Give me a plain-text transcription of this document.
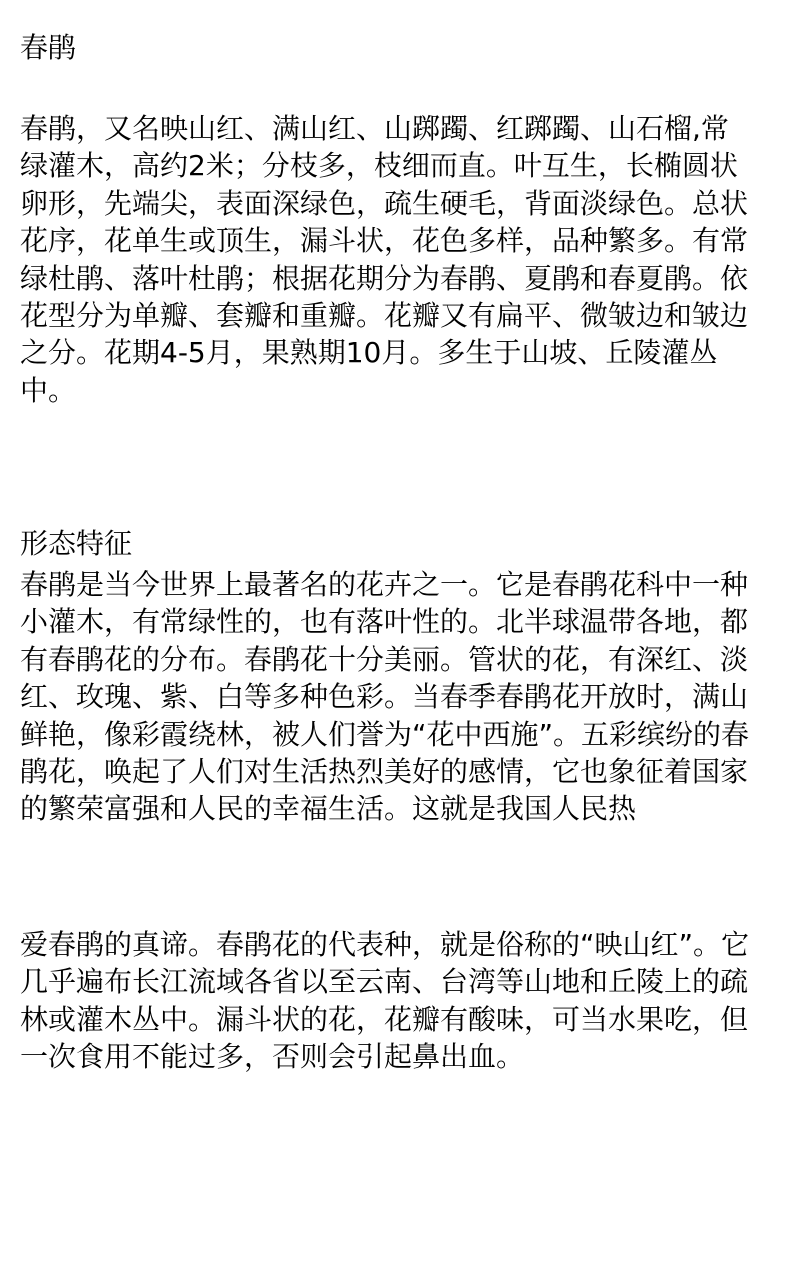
春鹃

春鹃，又名映山红、满山红、山踯躅、红踯躅、山石榴,常绿灌木，高约2米；分枝多，枝细而直。叶互生，长椭圆状卵形，先端尖，表面深绿色，疏生硬毛，背面淡绿色。总状花序，花单生或顶生，漏斗状，花色多样，品种繁多。有常绿杜鹃、落叶杜鹃；根据花期分为春鹃、夏鹃和春夏鹃。依花型分为单瓣、套瓣和重瓣。花瓣又有扁平、微皱边和皱边之分。花期4-5月，果熟期10月。多生于山坡、丘陵灌丛中。

形态特征

春鹃是当今世界上最著名的花卉之一。它是春鹃花科中一种小灌木，有常绿性的，也有落叶性的。北半球温带各地，都有春鹃花的分布。春鹃花十分美丽。管状的花，有深红、淡红、玫瑰、紫、白等多种色彩。当春季春鹃花开放时，满山鲜艳，像彩霞绕林，被人们誉为“花中西施”。五彩缤纷的春鹃花，唤起了人们对生活热烈美好的感情，它也象征着国家的繁荣富强和人民的幸福生活。这就是我国人民热

爱春鹃的真谛。春鹃花的代表种，就是俗称的“映山红”。它几乎遍布长江流域各省以至云南、台湾等山地和丘陵上的疏林或灌木丛中。漏斗状的花，花瓣有酸味，可当水果吃，但一次食用不能过多，否则会引起鼻出血。
